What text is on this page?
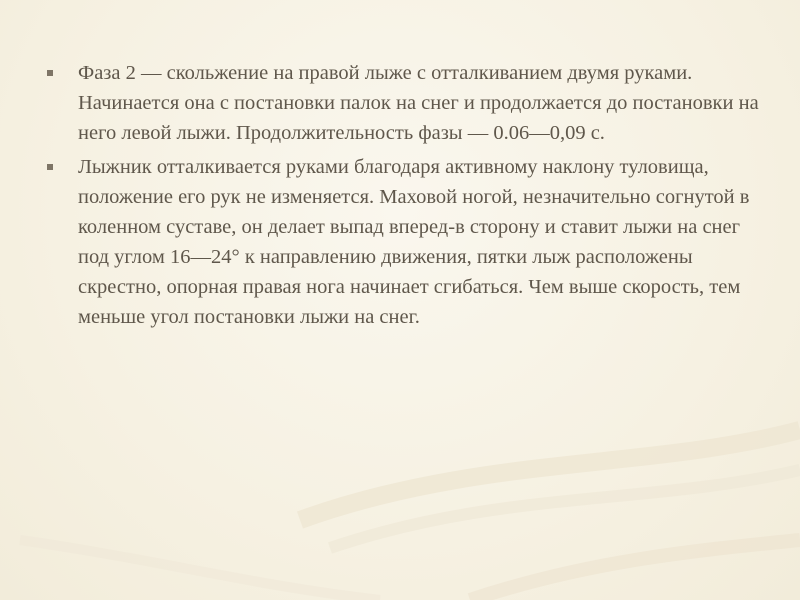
Фаза 2 — скольжение на правой лыже с отталкиванием двумя руками. Начинается она с постановки палок на снег и продолжается до постановки на него левой лыжи. Продолжительность фазы — 0.06—0,09 с.
Лыжник отталкивается руками благодаря активному наклону туловища, положение его рук не изменяется. Маховой ногой, незначительно согнутой в коленном суставе, он делает выпад вперед-в сторону и ставит лыжи на снег под углом 16—24° к направлению движения, пятки лыж расположены скрестно, опорная правая нога начинает сгибаться. Чем выше скорость, тем меньше угол постановки лыжи на снег.
